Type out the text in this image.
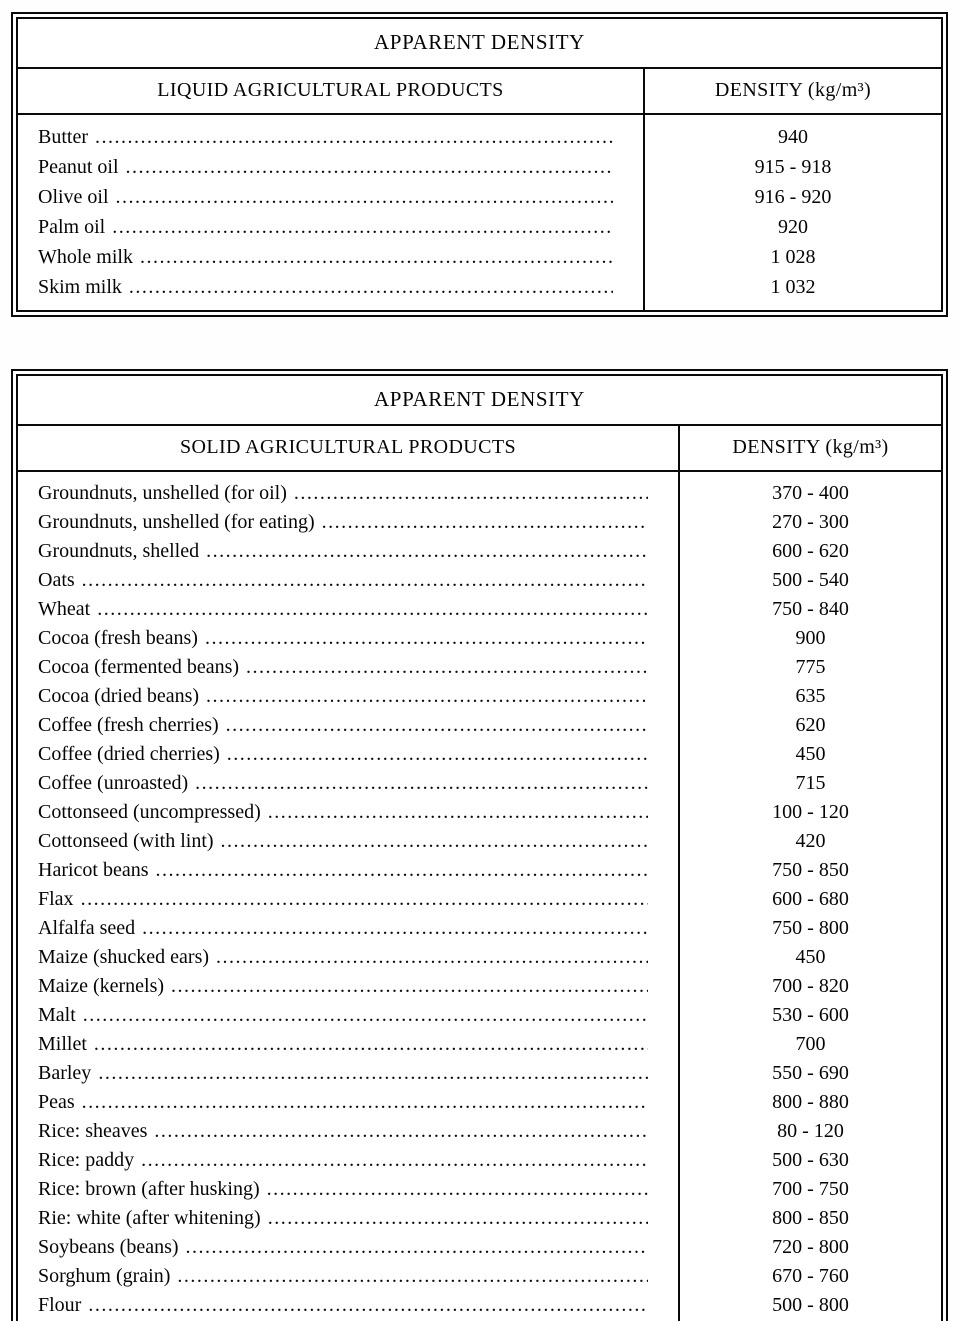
APPARENT DENSITY
LIQUID AGRICULTURAL PRODUCTS	DENSITY (kg/m³)
Butter
.....
Peanut oil
.....
Olive oil
.....
Palm oil
.....
Whole milk
.....
Skim milk
.....
940
915 - 918
916 - 920
920
1 028
1 032
APPARENT DENSITY
SOLID AGRICULTURAL PRODUCTS	DENSITY (kg/m³)
Groundnuts, unshelled (for oil)
.....
Groundnuts, unshelled (for eating)
.....
Groundnuts, shelled
.....
Oats
.....
Wheat
.....
Cocoa (fresh beans)
.....
Cocoa (fermented beans)
.....
Cocoa (dried beans)
.....
Coffee (fresh cherries)
.....
Coffee (dried cherries)
.....
Coffee (unroasted)
.....
Cottonseed (uncompressed)
.....
Cottonseed (with lint)
.....
Haricot beans
.....
Flax
.....
Alfalfa seed
.....
Maize (shucked ears)
.....
Maize (kernels)
.....
Malt
.....
Millet
.....
Barley
.....
Peas
.....
Rice: sheaves
.....
Rice: paddy
.....
Rice: brown (after husking)
.....
Rie: white (after whitening)
.....
Soybeans (beans)
.....
Sorghum (grain)
.....
Flour
.....
370 - 400
270 - 300
600 - 620
500 - 540
750 - 840
900
775
635
620
450
715
100 - 120
420
750 - 850
600 - 680
750 - 800
450
700 - 820
530 - 600
700
550 - 690
800 - 880
80 - 120
500 - 630
700 - 750
800 - 850
720 - 800
670 - 760
500 - 800
